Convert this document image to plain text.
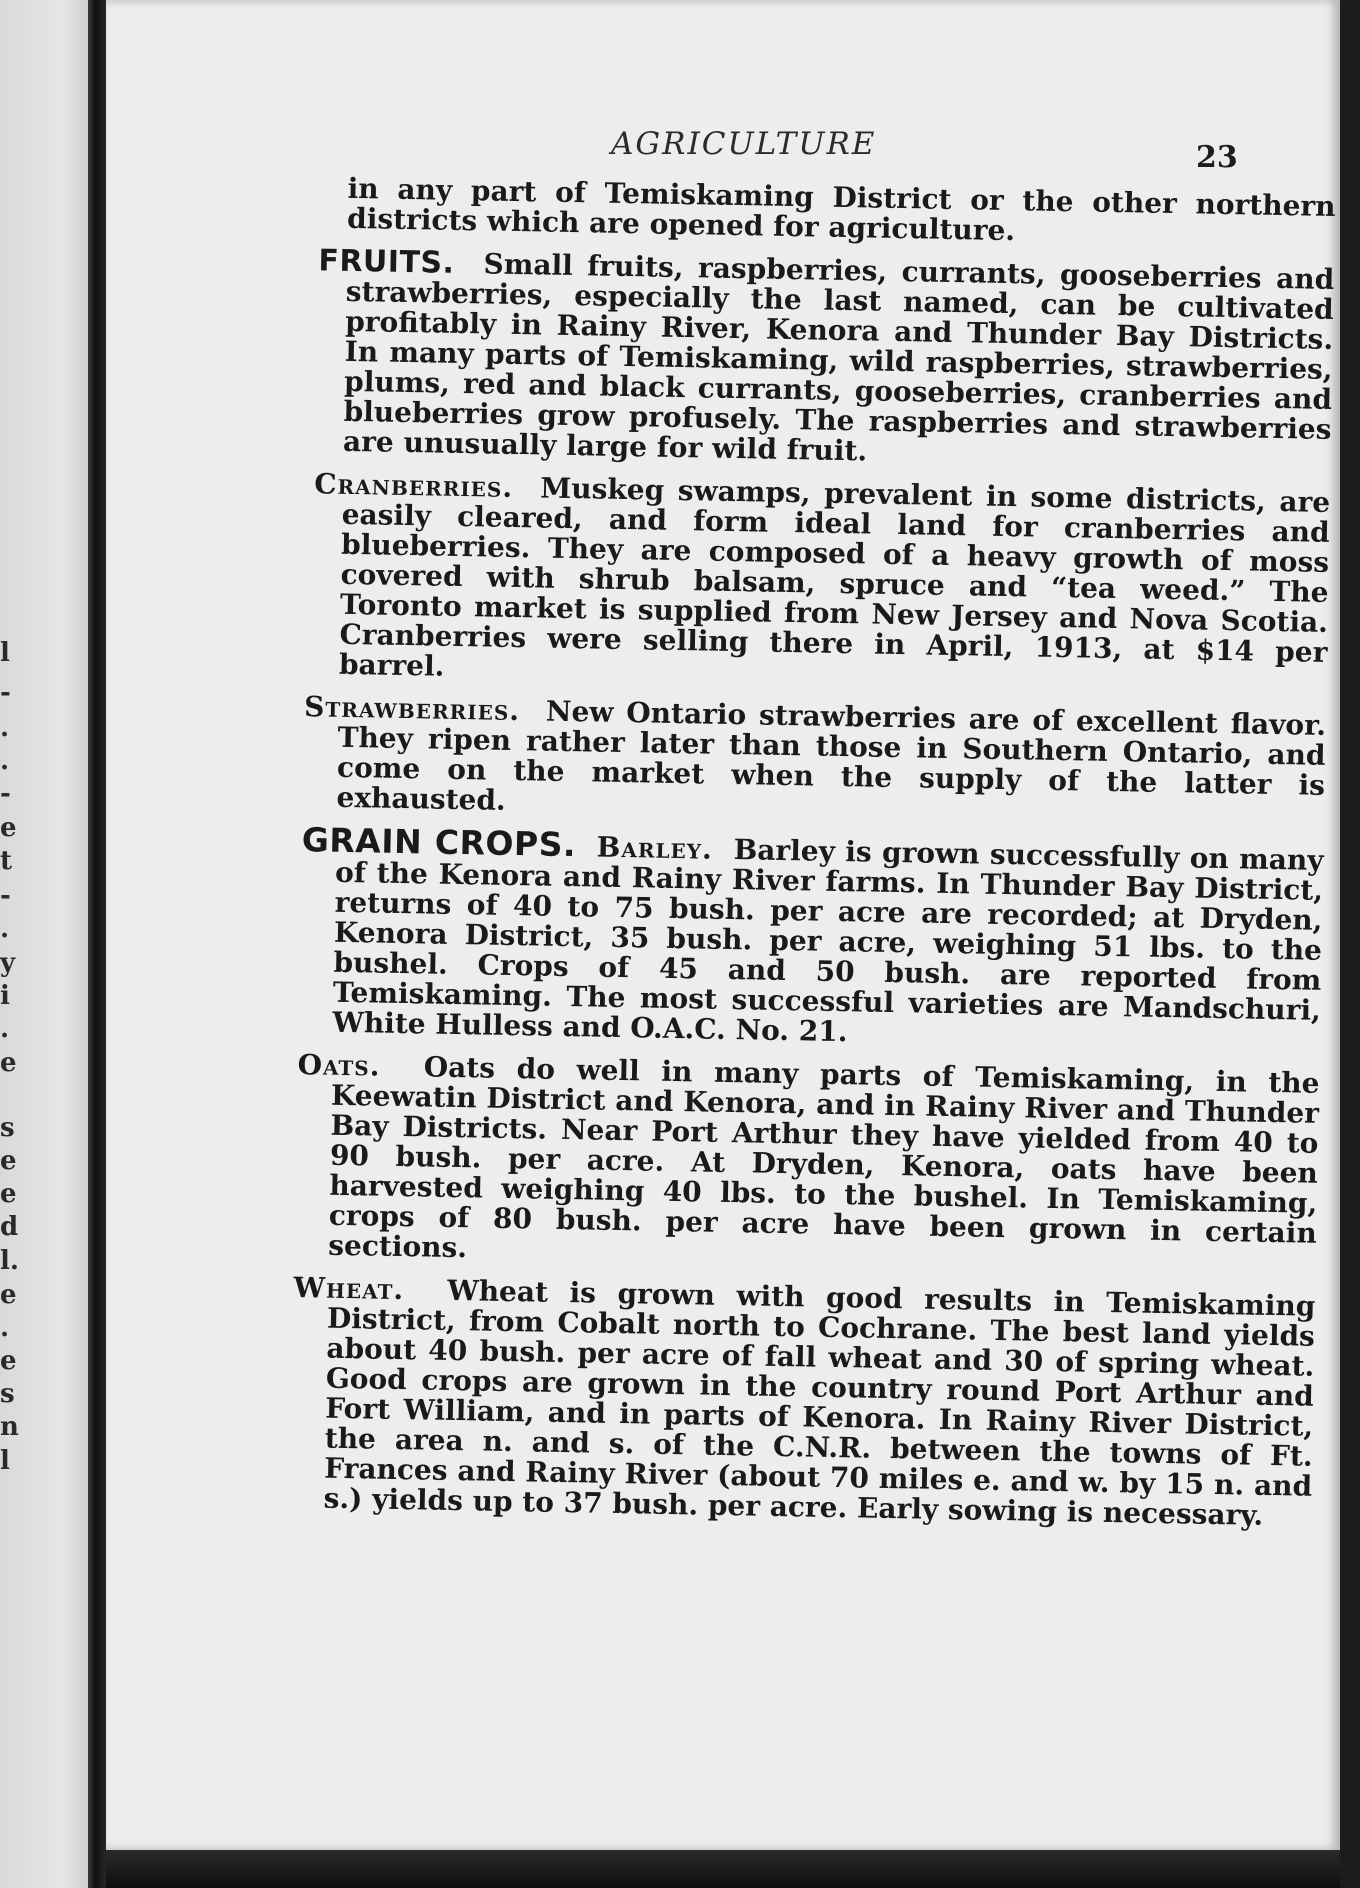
l
-
.
.
-
e
t
-
.
y
i
.
e
s
e
e
d
l.
e
.
e
s
n
l
AGRICULTURE	23

in any part of Temiskaming District or the other northern districts which are opened for agriculture.

FRUITS. Small fruits, raspberries, currants, gooseberries and strawberries, especially the last named, can be cultivated profitably in Rainy River, Kenora and Thunder Bay Districts. In many parts of Temiskaming, wild raspberries, strawberries, plums, red and black currants, gooseberries, cranberries and blueberries grow profusely. The raspberries and strawberries are unusually large for wild fruit.

Cranberries. Muskeg swamps, prevalent in some districts, are easily cleared, and form ideal land for cranberries and blueberries. They are composed of a heavy growth of moss covered with shrub balsam, spruce and “tea weed.” The Toronto market is supplied from New Jersey and Nova Scotia. Cranberries were selling there in April, 1913, at $14 per barrel.

Strawberries. New Ontario strawberries are of excellent flavor. They ripen rather later than those in Southern Ontario, and come on the market when the supply of the latter is exhausted.

GRAIN CROPS. Barley. Barley is grown successfully on many of the Kenora and Rainy River farms. In Thunder Bay District, returns of 40 to 75 bush. per acre are recorded; at Dryden, Kenora District, 35 bush. per acre, weighing 51 lbs. to the bushel. Crops of 45 and 50 bush. are reported from Temiskaming. The most successful varieties are Mandschuri, White Hulless and O.A.C. No. 21.

Oats. Oats do well in many parts of Temiskaming, in the Keewatin District and Kenora, and in Rainy River and Thunder Bay Districts. Near Port Arthur they have yielded from 40 to 90 bush. per acre. At Dryden, Kenora, oats have been harvested weighing 40 lbs. to the bushel. In Temiskaming, crops of 80 bush. per acre have been grown in certain sections.

Wheat. Wheat is grown with good results in Temiskaming District, from Cobalt north to Cochrane. The best land yields about 40 bush. per acre of fall wheat and 30 of spring wheat. Good crops are grown in the country round Port Arthur and Fort William, and in parts of Kenora. In Rainy River District, the area n. and s. of the C.N.R. between the towns of Ft. Frances and Rainy River (about 70 miles e. and w. by 15 n. and s.) yields up to 37 bush. per acre. Early sowing is necessary.
